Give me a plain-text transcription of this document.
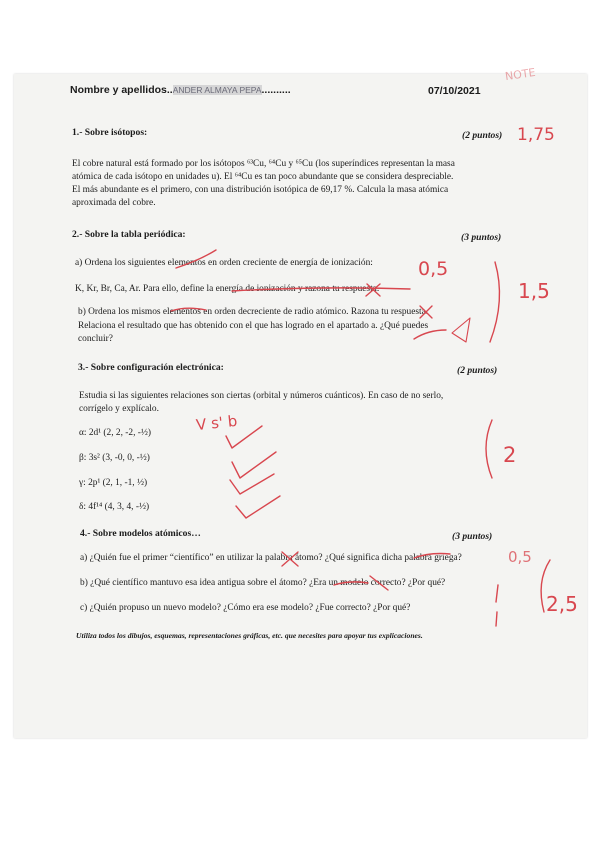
Nombre y apellidos..ANDER ALMAYA PEPA..........	07/10/2021
1.- Sobre isótopos:	(2 puntos)
El cobre natural está formado por los isótopos ⁶³Cu, ⁶⁴Cu y ⁶⁵Cu (los superíndices representan la masa
atómica de cada isótopo en unidades u). El ⁶⁴Cu es tan poco abundante que se considera despreciable.
El más abundante es el primero, con una distribución isotópica de 69,17 %. Calcula la masa atómica
aproximada del cobre.
2.- Sobre la tabla periódica:	(3 puntos)
a) Ordena los siguientes elementos en orden creciente de energía de ionización:
K, Kr, Br, Ca, Ar. Para ello, define la energía de ionización y razona tu respuesta.
b) Ordena los mismos elementos en orden decreciente de radio atómico. Razona tu respuesta.
Relaciona el resultado que has obtenido con el que has logrado en el apartado a. ¿Qué puedes
concluir?
3.- Sobre configuración electrónica:	(2 puntos)
Estudia si las siguientes relaciones son ciertas (orbital y números cuánticos). En caso de no serlo,
corrígelo y explícalo.
α: 2d¹ (2, 2, -2, -½)
β: 3s² (3, -0, 0, -½)
γ: 2p¹ (2, 1, -1, ½)
δ: 4f¹⁴ (4, 3, 4, -½)
4.- Sobre modelos atómicos…	(3 puntos)
a) ¿Quién fue el primer “científico” en utilizar la palabra átomo? ¿Qué significa dicha palabra griega?
b) ¿Qué científico mantuvo esa idea antigua sobre el átomo? ¿Era un modelo correcto? ¿Por qué?
c) ¿Quién propuso un nuevo modelo? ¿Cómo era ese modelo? ¿Fue correcto? ¿Por qué?
Utiliza todos los dibujos, esquemas, representaciones gráficas, etc. que necesites para apoyar tus explicaciones.
NOTE
1,75
0,5
1,5
2
V s' b
0,5
2,5
